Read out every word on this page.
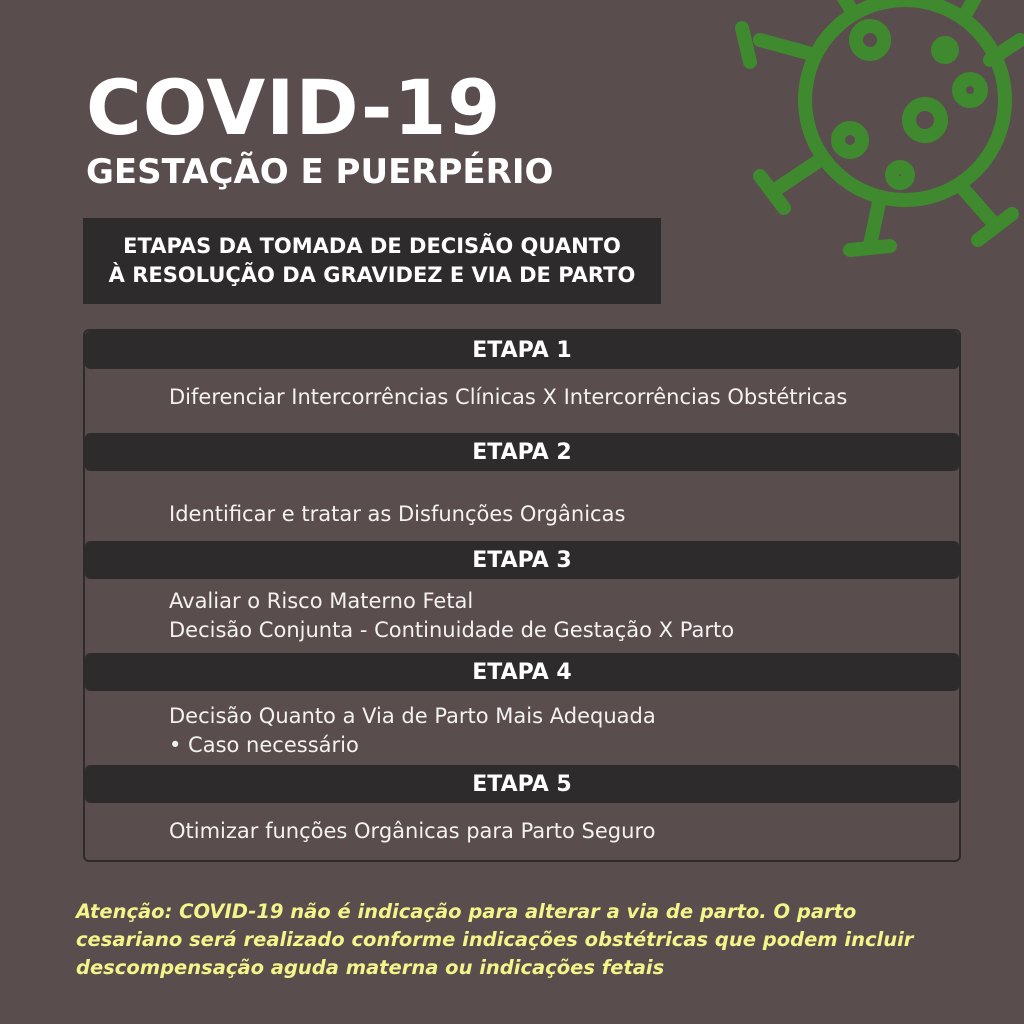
COVID-19
GESTAÇÃO E PUERPÉRIO
ETAPAS DA TOMADA DE DECISÃO QUANTO
À RESOLUÇÃO DA GRAVIDEZ E VIA DE PARTO
ETAPA 1
Diferenciar Intercorrências Clínicas X Intercorrências Obstétricas
ETAPA 2
Identificar e tratar as Disfunções Orgânicas
ETAPA 3
Avaliar o Risco Materno Fetal
Decisão Conjunta - Continuidade de Gestação X Parto
ETAPA 4
Decisão Quanto a Via de Parto Mais Adequada
• Caso necessário
ETAPA 5
Otimizar funções Orgânicas para Parto Seguro
Atenção: COVID-19 não é indicação para alterar a via de parto. O parto
cesariano será realizado conforme indicações obstétricas que podem incluir
descompensação aguda materna ou indicações fetais
